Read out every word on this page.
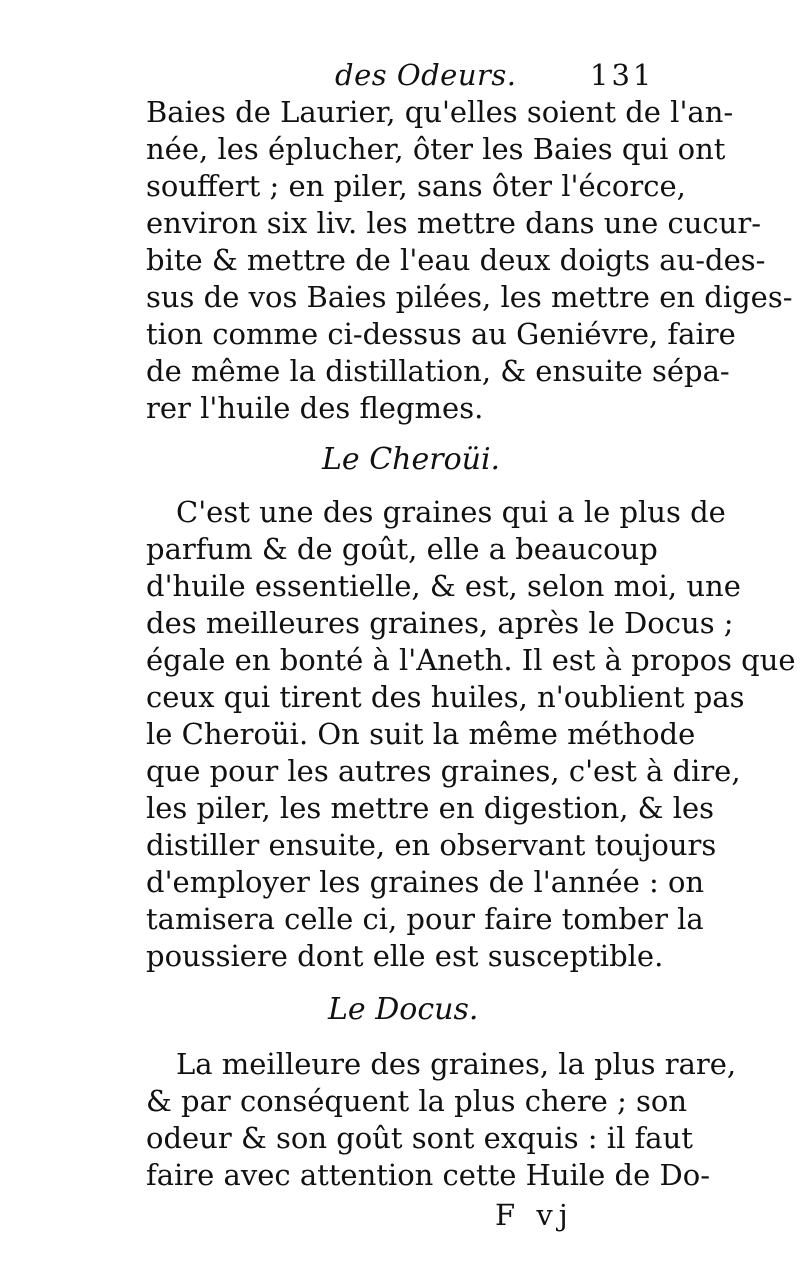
des Odeurs.	131
Baies de Laurier, qu'elles soient de l'an-
née, les éplucher, ôter les Baies qui ont
souffert ; en piler, sans ôter l'écorce,
environ six liv. les mettre dans une cucur-
bite & mettre de l'eau deux doigts au-des-
sus de vos Baies pilées, les mettre en diges-
tion comme ci-dessus au Geniévre, faire
de même la distillation, & ensuite sépa-
rer l'huile des flegmes.
Le Cheroüi.
C'est une des graines qui a le plus de
parfum & de goût, elle a beaucoup
d'huile essentielle, & est, selon moi, une
des meilleures graines, après le Docus ;
égale en bonté à l'Aneth. Il est à propos que
ceux qui tirent des huiles, n'oublient pas
le Cheroüi. On suit la même méthode
que pour les autres graines, c'est à dire,
les piler, les mettre en digestion, & les
distiller ensuite, en observant toujours
d'employer les graines de l'année : on
tamisera celle ci, pour faire tomber la
poussiere dont elle est susceptible.
Le Docus.
La meilleure des graines, la plus rare,
& par conséquent la plus chere ; son
odeur & son goût sont exquis : il faut
faire avec attention cette Huile de Do-
F vj
